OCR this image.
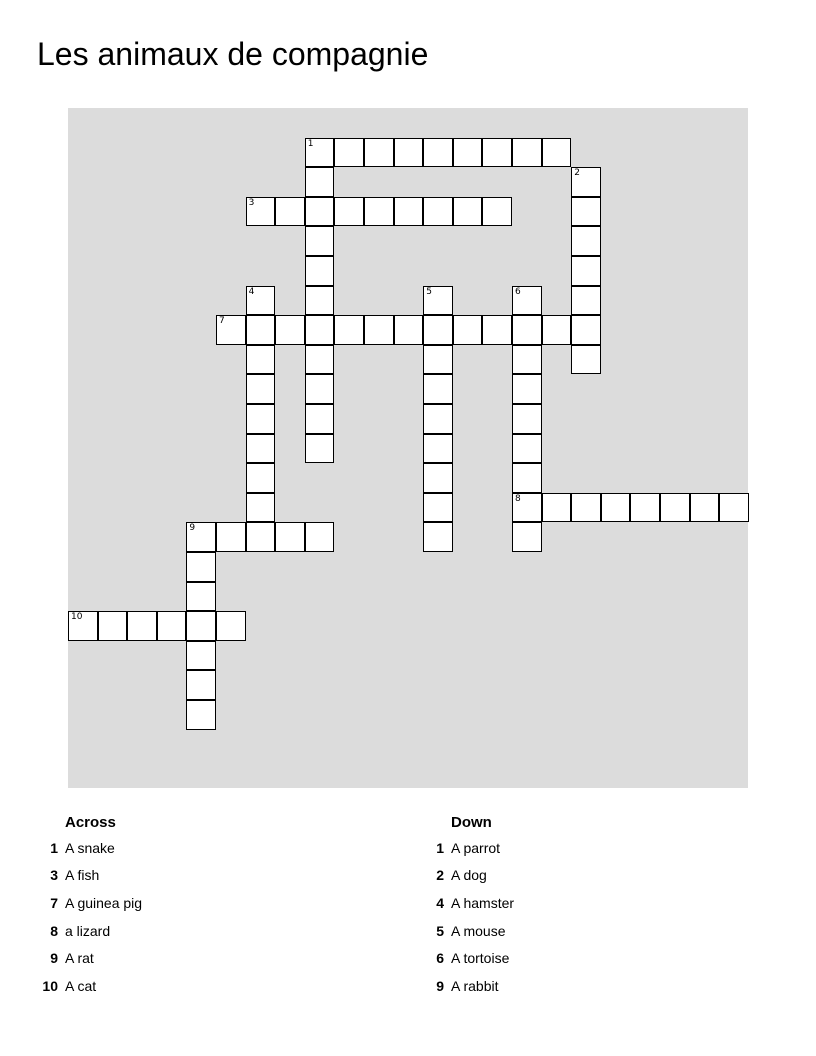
Les animaux de compagnie
1
3
7
8
9
10
2
4	5	6
Across
1 A snake
3 A fish
7 A guinea pig
8 a lizard
9 A rat
10 A cat
Down
1 A parrot
2 A dog
4 A hamster
5 A mouse
6 A tortoise
9 A rabbit
